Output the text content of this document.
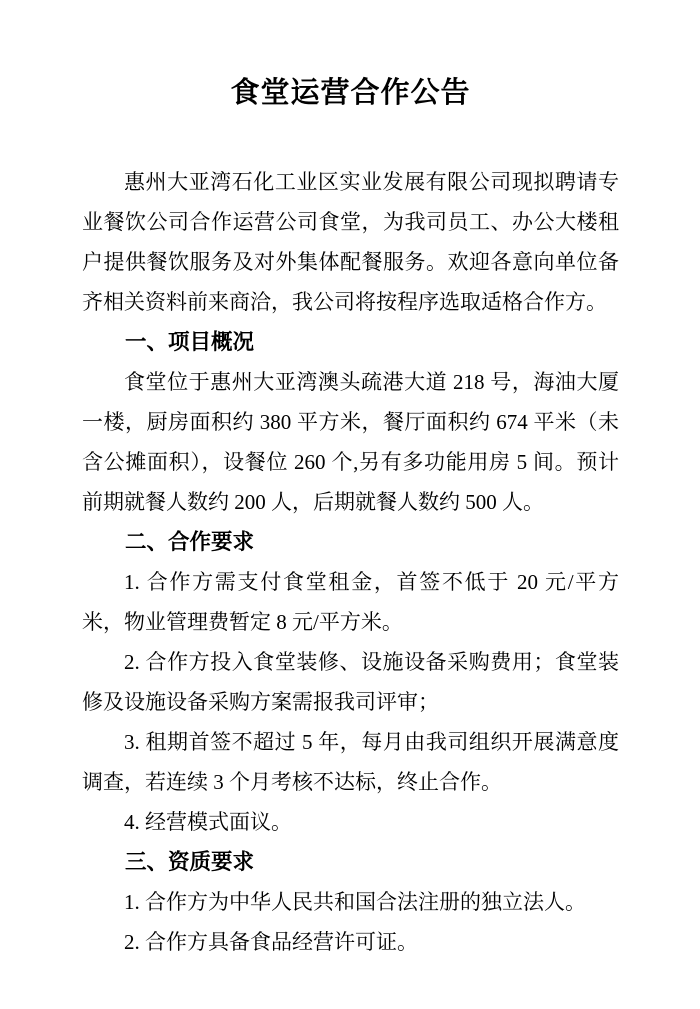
食堂运营合作公告

惠州大亚湾石化工业区实业发展有限公司现拟聘请专业餐饮公司合作运营公司食堂，为我司员工、办公大楼租户提供餐饮服务及对外集体配餐服务。欢迎各意向单位备齐相关资料前来商洽，我公司将按程序选取适格合作方。

一、项目概况

食堂位于惠州大亚湾澳头疏港大道 218 号，海油大厦一楼，厨房面积约 380 平方米，餐厅面积约 674 平米（未含公摊面积），设餐位 260 个,另有多功能用房 5 间。预计前期就餐人数约 200 人，后期就餐人数约 500 人。

二、合作要求

1. 合作方需支付食堂租金，首签不低于 20 元/平方米，物业管理费暂定 8 元/平方米。

2. 合作方投入食堂装修、设施设备采购费用；食堂装修及设施设备采购方案需报我司评审；

3. 租期首签不超过 5 年，每月由我司组织开展满意度调查，若连续 3 个月考核不达标，终止合作。

4. 经营模式面议。

三、资质要求

1. 合作方为中华人民共和国合法注册的独立法人。

2. 合作方具备食品经营许可证。
